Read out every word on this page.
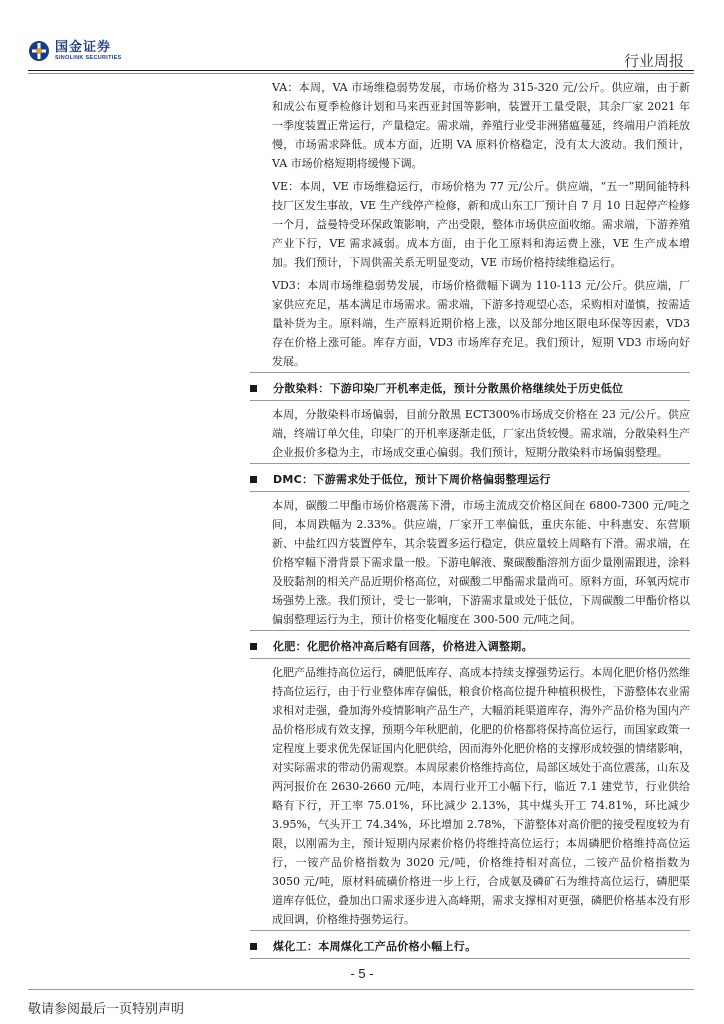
国金证券
SINOLINK SECURITIES	行业周报

VA：本周，VA 市场维稳弱势发展，市场价格为 315-320 元/公斤。供应端，由于新和成公布夏季检修计划和马来西亚封国等影响，装置开工量受限，其余厂家 2021 年一季度装置正常运行，产量稳定。需求端，养殖行业受非洲猪瘟蔓延，终端用户消耗放慢，市场需求降低。成本方面，近期 VA 原料价格稳定，没有太大波动。我们预计，VA 市场价格短期将缓慢下调。

VE：本周，VE 市场维稳运行，市场价格为 77 元/公斤。供应端，“五一”期间能特科技厂区发生事故，VE 生产线停产检修，新和成山东工厂预计自 7 月 10 日起停产检修一个月，益曼特受环保政策影响，产出受限，整体市场供应面收缩。需求端，下游养殖产业下行，VE 需求减弱。成本方面，由于化工原料和海运费上涨，VE 生产成本增加。我们预计，下周供需关系无明显变动，VE 市场价格持续维稳运行。

VD3：本周市场维稳弱势发展，市场价格微幅下调为 110-113 元/公斤。供应端，厂家供应充足，基本满足市场需求。需求端，下游多持观望心态，采购相对谨慎，按需适量补货为主。原料端，生产原料近期价格上涨，以及部分地区限电环保等因素，VD3 存在价格上涨可能。库存方面，VD3 市场库存充足。我们预计，短期 VD3 市场向好发展。

分散染料：下游印染厂开机率走低，预计分散黑价格继续处于历史低位

本周，分散染料市场偏弱，目前分散黑 ECT300%市场成交价格在 23 元/公斤。供应端，终端订单欠佳，印染厂的开机率逐渐走低，厂家出货较慢。需求端，分散染料生产企业报价多稳为主，市场成交重心偏弱。我们预计，短期分散染料市场偏弱整理。

DMC：下游需求处于低位，预计下周价格偏弱整理运行

本周，碳酸二甲酯市场价格震荡下滑，市场主流成交价格区间在 6800-7300 元/吨之间，本周跌幅为 2.33%。供应端，厂家开工率偏低，重庆东能、中科惠安、东营顺新、中盐红四方装置停车，其余装置多运行稳定，供应量较上周略有下滑。需求端，在价格窄幅下滑背景下需求量一般。下游电解液、聚碳酸酯溶剂方面少量刚需跟进，涂料及胶黏剂的相关产品近期价格高位，对碳酸二甲酯需求量尚可。原料方面，环氧丙烷市场强势上涨。我们预计，受七一影响，下游需求量或处于低位，下周碳酸二甲酯价格以偏弱整理运行为主，预计价格变化幅度在 300-500 元/吨之间。

化肥：化肥价格冲高后略有回落，价格进入调整期。

化肥产品维持高位运行，磷肥低库存、高成本持续支撑强势运行。本周化肥价格仍然维持高位运行，由于行业整体库存偏低，粮食价格高位提升种植积极性，下游整体农业需求相对走强，叠加海外疫情影响产品生产，大幅消耗渠道库存，海外产品价格为国内产品价格形成有效支撑，预期今年秋肥前，化肥的价格都将保持高位运行，而国家政策一定程度上要求优先保证国内化肥供给，因而海外化肥价格的支撑形成较强的情绪影响，对实际需求的带动仍需观察。本周尿素价格维持高位，局部区域处于高位震荡，山东及两河报价在 2630-2660 元/吨，本周行业开工小幅下行，临近 7.1 建党节，行业供给略有下行，开工率 75.01%，环比减少 2.13%，其中煤头开工 74.81%，环比减少 3.95%，气头开工 74.34%，环比增加 2.78%，下游整体对高价肥的接受程度较为有限，以刚需为主，预计短期内尿素价格仍将维持高位运行；本周磷肥价格维持高位运行，一铵产品价格指数为 3020 元/吨，价格维持相对高位，二铵产品价格指数为 3050 元/吨，原材料硫磺价格进一步上行，合成氨及磷矿石为维持高位运行，磷肥渠道库存低位，叠加出口需求逐步进入高峰期，需求支撑相对更强，磷肥价格基本没有形成回调，价格维持强势运行。

煤化工：本周煤化工产品价格小幅上行。
- 5 -
敬请参阅最后一页特别声明
